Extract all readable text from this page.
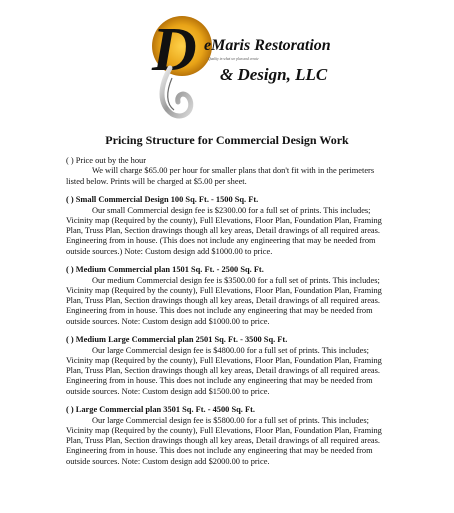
D eMaris Restoration
& Design, LLC
Quality in what we plan and create
Pricing Structure for Commercial Design Work
( ) Price out by the hour
We will charge $65.00 per hour for smaller plans that don't fit with in the perimeters listed below. Prints will be charged at $5.00 per sheet.
( ) Small Commercial Design 100 Sq. Ft. - 1500 Sq. Ft.
Our small Commercial design fee is $2300.00 for a full set of prints. This includes; Vicinity map (Required by the county), Full Elevations, Floor Plan, Foundation Plan, Framing Plan, Truss Plan, Section drawings though all key areas, Detail drawings of all required areas. Engineering from in house. (This does not include any engineering that may be needed from outside sources.) Note: Custom design add $1000.00 to price.
( ) Medium Commercial plan 1501 Sq. Ft. - 2500 Sq. Ft.
Our medium Commercial design fee is $3500.00 for a full set of prints. This includes; Vicinity map (Required by the county), Full Elevations, Floor Plan, Foundation Plan, Framing Plan, Truss Plan, Section drawings though all key areas, Detail drawings of all required areas. Engineering from in house. This does not include any engineering that may be needed from outside sources. Note: Custom design add $1000.00 to price.
( ) Medium Large Commercial plan 2501 Sq. Ft. - 3500 Sq. Ft.
Our large Commercial design fee is $4800.00 for a full set of prints. This includes; Vicinity map (Required by the county), Full Elevations, Floor Plan, Foundation Plan, Framing Plan, Truss Plan, Section drawings though all key areas, Detail drawings of all required areas. Engineering from in house. This does not include any engineering that may be needed from outside sources. Note: Custom design add $1500.00 to price.
( ) Large Commercial plan 3501 Sq. Ft. - 4500 Sq. Ft.
Our large Commercial design fee is $5800.00 for a full set of prints. This includes; Vicinity map (Required by the county), Full Elevations, Floor Plan, Foundation Plan, Framing Plan, Truss Plan, Section drawings though all key areas, Detail drawings of all required areas. Engineering from in house. This does not include any engineering that may be needed from outside sources. Note: Custom design add $2000.00 to price.
